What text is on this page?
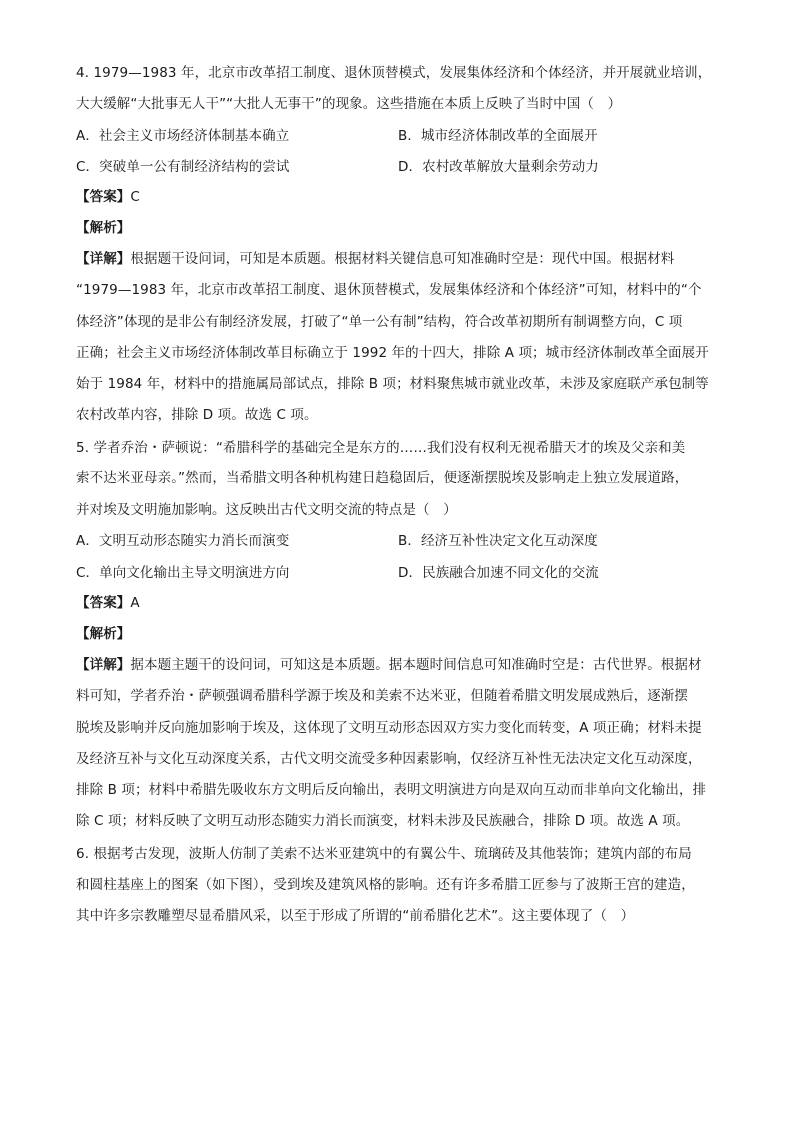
4. 1979—1983 年，北京市改革招工制度、退休顶替模式，发展集体经济和个体经济，并开展就业培训，
大大缓解“大批事无人干”“大批人无事干”的现象。这些措施在本质上反映了当时中国（　）
A．社会主义市场经济体制基本确立	B．城市经济体制改革的全面展开
C．突破单一公有制经济结构的尝试	D．农村改革解放大量剩余劳动力
【答案】C
【解析】
【详解】根据题干设问词，可知是本质题。根据材料关键信息可知准确时空是：现代中国。根据材料
“1979—1983 年，北京市改革招工制度、退休顶替模式，发展集体经济和个体经济”可知，材料中的“个
体经济”体现的是非公有制经济发展，打破了“单一公有制”结构，符合改革初期所有制调整方向，C 项
正确；社会主义市场经济体制改革目标确立于 1992 年的十四大，排除 A 项；城市经济体制改革全面展开
始于 1984 年，材料中的措施属局部试点，排除 B 项；材料聚焦城市就业改革，未涉及家庭联产承包制等
农村改革内容，排除 D 项。故选 C 项。
5. 学者乔治・萨顿说：“希腊科学的基础完全是东方的……我们没有权利无视希腊天才的埃及父亲和美
索不达米亚母亲。”然而，当希腊文明各种机构建日趋稳固后，便逐渐摆脱埃及影响走上独立发展道路，
并对埃及文明施加影响。这反映出古代文明交流的特点是（　）
A．文明互动形态随实力消长而演变	B．经济互补性决定文化互动深度
C．单向文化输出主导文明演进方向	D．民族融合加速不同文化的交流
【答案】A
【解析】
【详解】据本题主题干的设问词，可知这是本质题。据本题时间信息可知准确时空是：古代世界。根据材
料可知，学者乔治・萨顿强调希腊科学源于埃及和美索不达米亚，但随着希腊文明发展成熟后，逐渐摆
脱埃及影响并反向施加影响于埃及，这体现了文明互动形态因双方实力变化而转变，A 项正确；材料未提
及经济互补与文化互动深度关系，古代文明交流受多种因素影响，仅经济互补性无法决定文化互动深度，
排除 B 项；材料中希腊先吸收东方文明后反向输出，表明文明演进方向是双向互动而非单向文化输出，排
除 C 项；材料反映了文明互动形态随实力消长而演变，材料未涉及民族融合，排除 D 项。故选 A 项。
6. 根据考古发现，波斯人仿制了美索不达米亚建筑中的有翼公牛、琉璃砖及其他装饰；建筑内部的布局
和圆柱基座上的图案（如下图），受到埃及建筑风格的影响。还有许多希腊工匠参与了波斯王宫的建造，
其中许多宗教雕塑尽显希腊风采，以至于形成了所谓的“前希腊化艺术”。这主要体现了（　）
